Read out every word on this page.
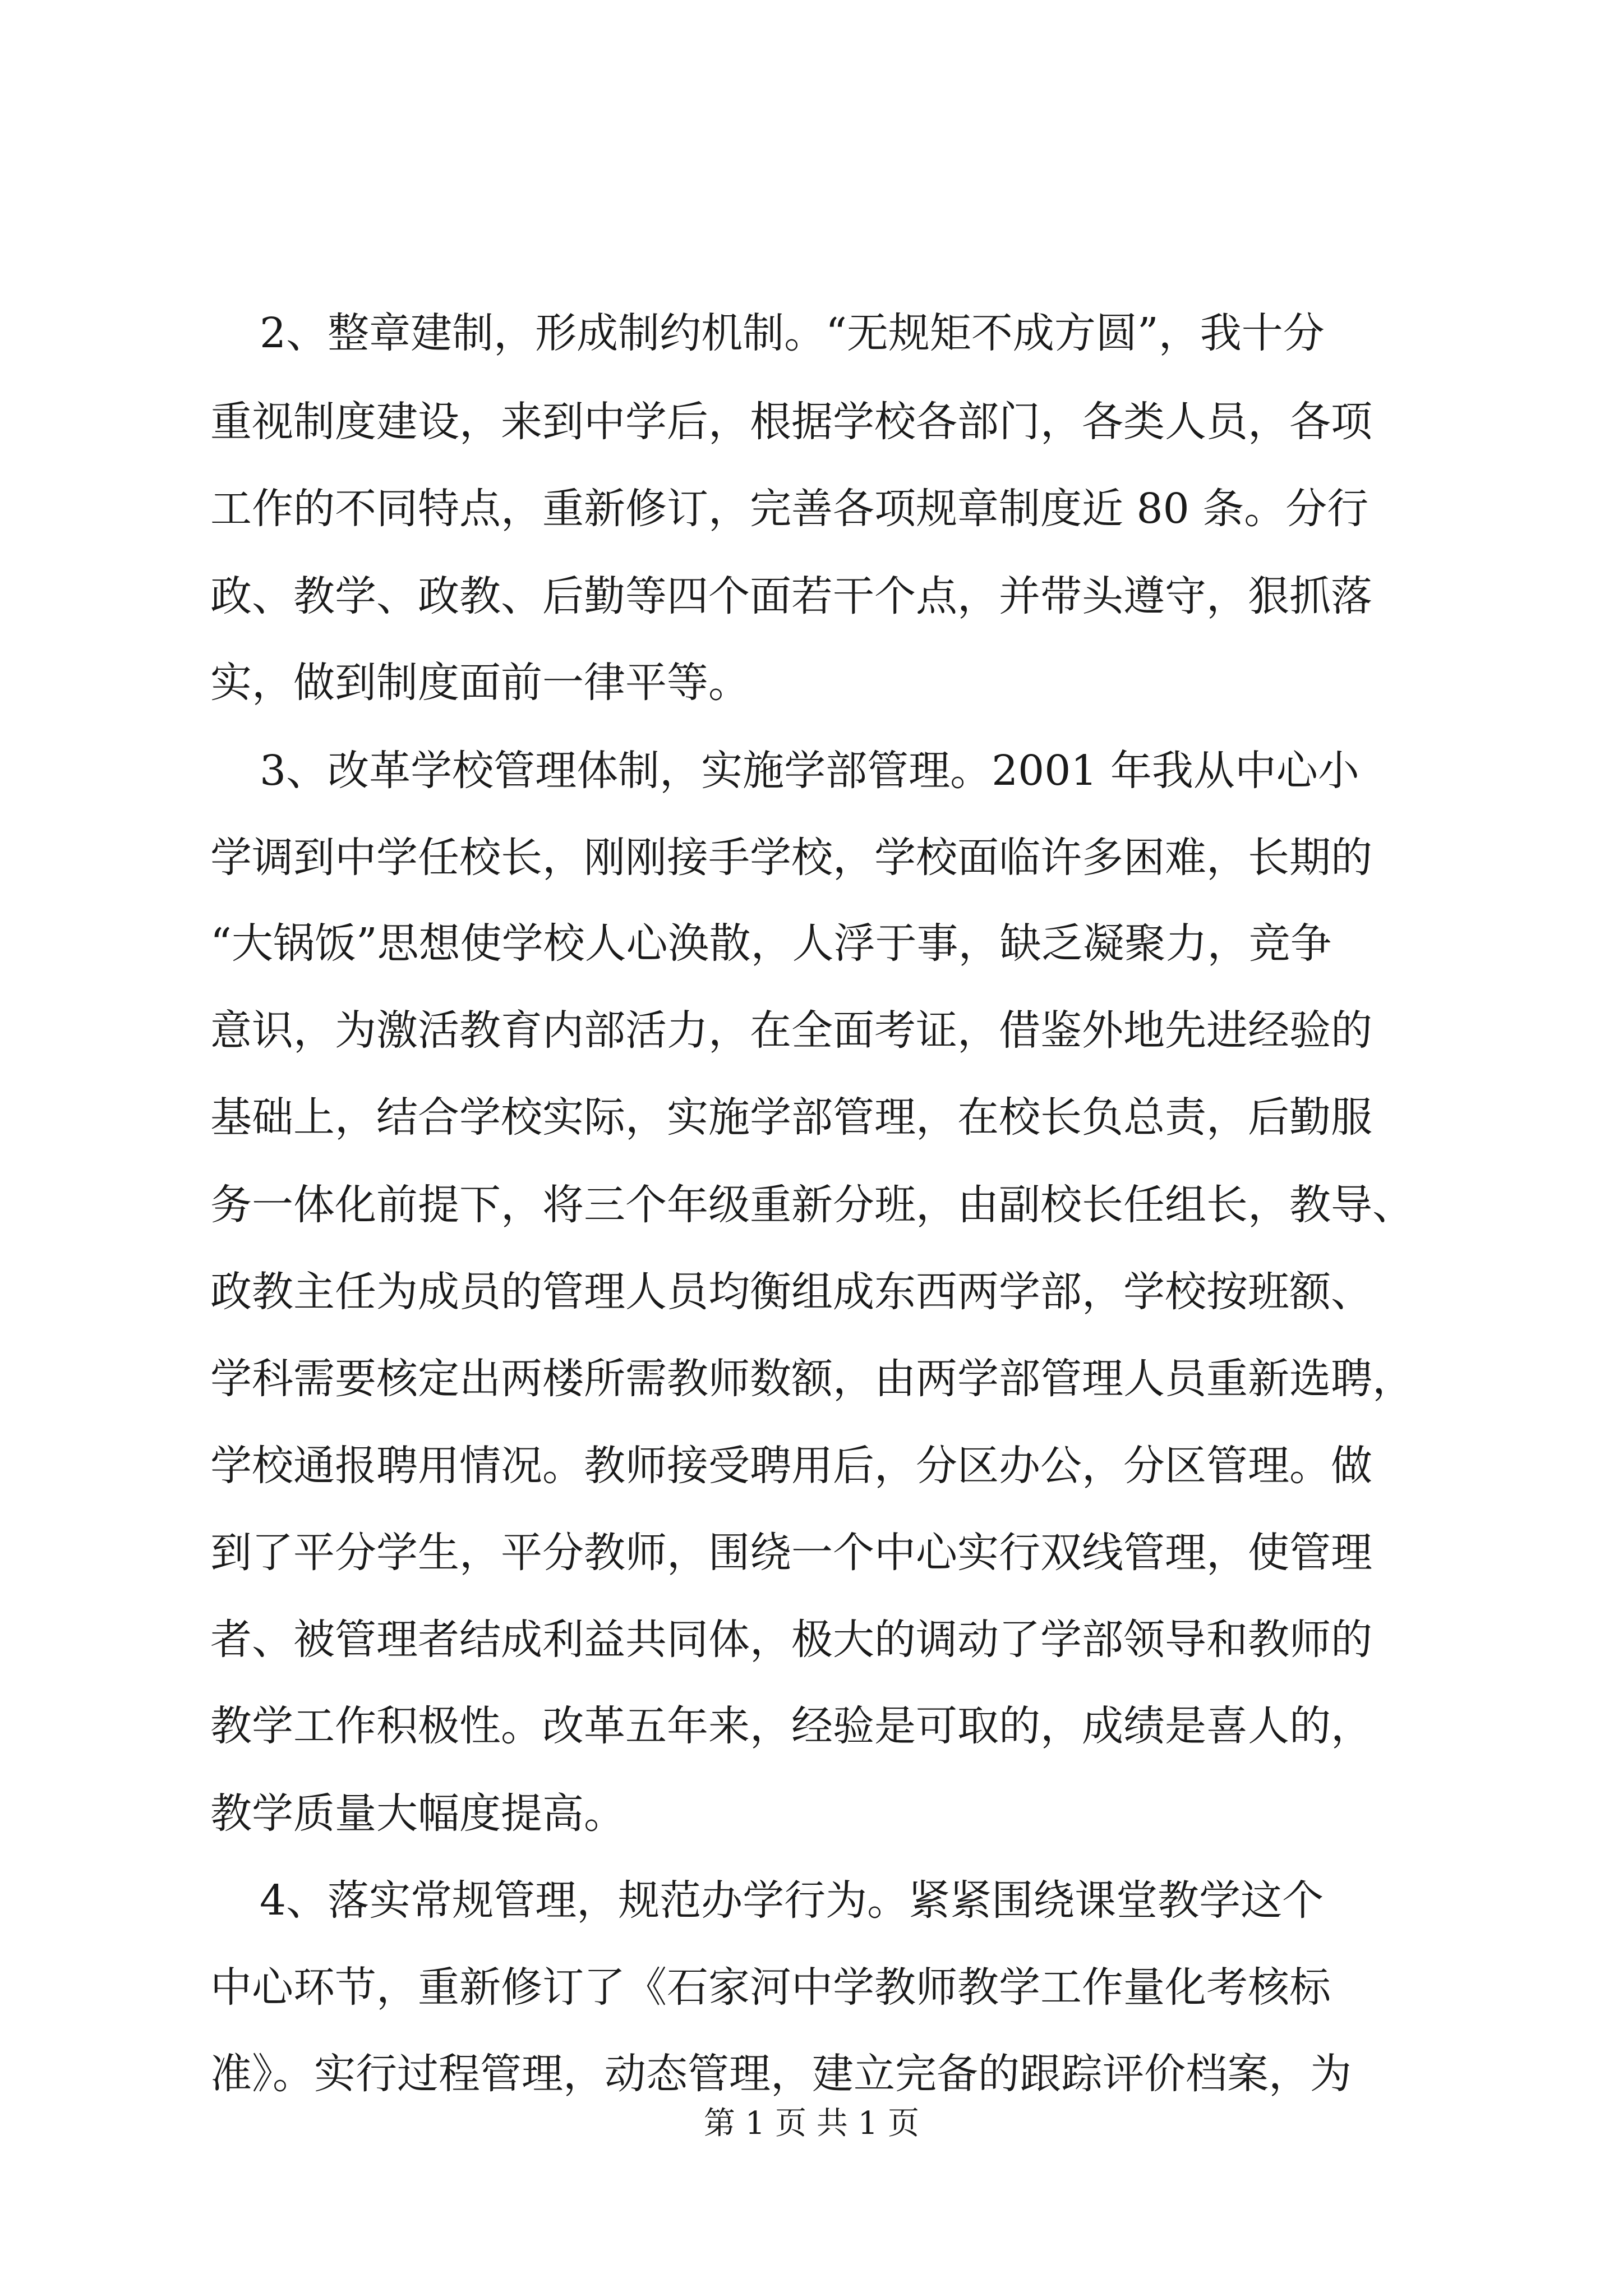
2、整章建制，形成制约机制。“无规矩不成方圆”，我十分
重视制度建设，来到中学后，根据学校各部门，各类人员，各项
工作的不同特点，重新修订，完善各项规章制度近 80 条。分行
政、教学、政教、后勤等四个面若干个点，并带头遵守，狠抓落
实，做到制度面前一律平等。
3、改革学校管理体制，实施学部管理。2001 年我从中心小
学调到中学任校长，刚刚接手学校，学校面临许多困难，长期的
“大锅饭”思想使学校人心涣散，人浮于事，缺乏凝聚力，竞争
意识，为激活教育内部活力，在全面考证，借鉴外地先进经验的
基础上，结合学校实际，实施学部管理，在校长负总责，后勤服
务一体化前提下，将三个年级重新分班，由副校长任组长，教导、
政教主任为成员的管理人员均衡组成东西两学部，学校按班额、
学科需要核定出两楼所需教师数额，由两学部管理人员重新选聘，
学校通报聘用情况。教师接受聘用后，分区办公，分区管理。做
到了平分学生，平分教师，围绕一个中心实行双线管理，使管理
者、被管理者结成利益共同体，极大的调动了学部领导和教师的
教学工作积极性。改革五年来，经验是可取的，成绩是喜人的，
教学质量大幅度提高。
4、落实常规管理，规范办学行为。紧紧围绕课堂教学这个
中心环节，重新修订了《石家河中学教师教学工作量化考核标
准》。实行过程管理，动态管理，建立完备的跟踪评价档案，为
第 1 页 共 1 页
